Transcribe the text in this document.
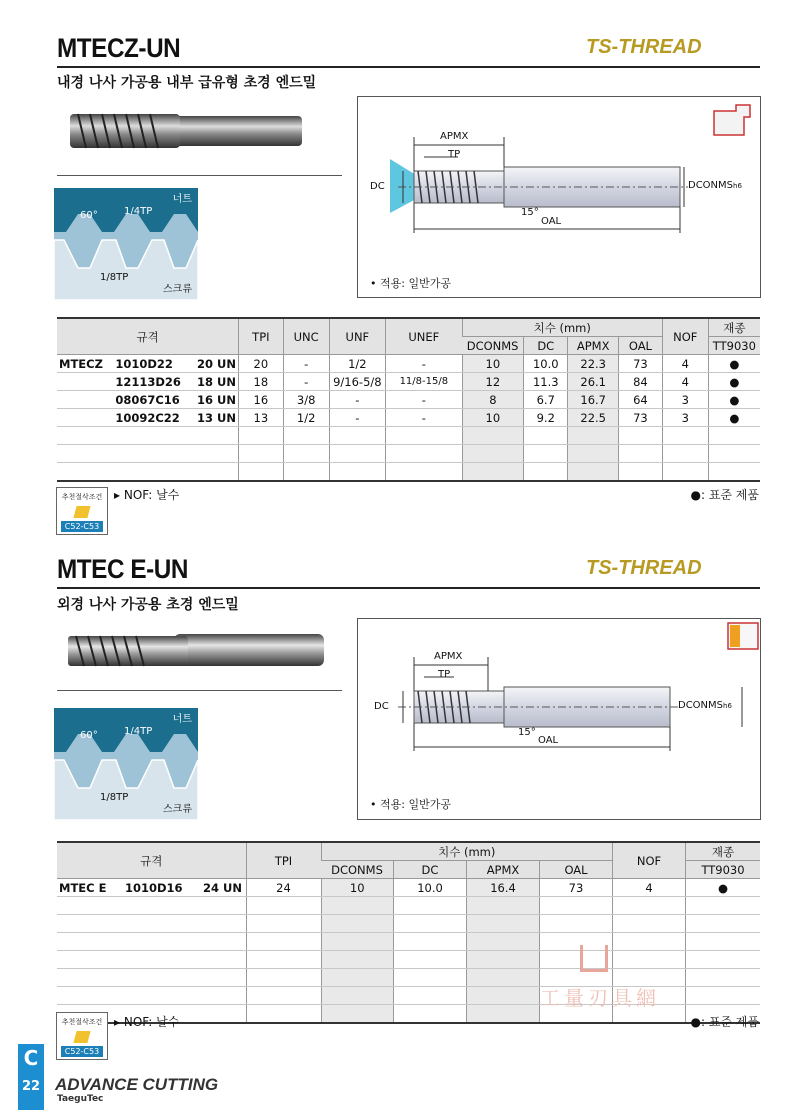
MTECZ-UN	TS-THREAD
내경 나사 가공용 내부 급유형 초경 엔드밀
너트
60°	1/4TP
1/8TP
스크류
APMX
TP
DC	DCONMSh6
15°
OAL
• 적용: 일반가공
규격			TPI	UNC	UNF	UNEF	치수 (mm)				NOF	재종
							DCONMS	DC	APMX	OAL		TT9030
MTECZ	1010D22	20 UN	20	-	1/2	-	10	10.0	22.3	73	4	●
	12113D26	18 UN	18	-	9/16-5/8	11/8-15/8	12	11.3	26.1	84	4	●
	08067C16	16 UN	16	3/8	-	-	8	6.7	16.7	64	3	●
	10092C22	13 UN	13	1/2	-	-	10	9.2	22.5	73	3	●

추천절삭조건
C52-C53
▸ NOF: 날수	●: 표준 제품
MTEC E-UN	TS-THREAD
외경 나사 가공용 초경 엔드밀
너트
60°	1/4TP
1/8TP
스크류
APMX
TP
DC	DCONMSh6
15°
OAL
• 적용: 일반가공
규격			TPI	치수 (mm)				NOF	재종
				DCONMS	DC	APMX	OAL		TT9030
MTEC E	1010D16	24 UN	24	10	10.0	16.4	73	4	●

工量刃具網
추천절삭조건
C52-C53
▸ NOF: 날수	●: 표준 제품
C
22 ADVANCE CUTTING
TaeguTec
